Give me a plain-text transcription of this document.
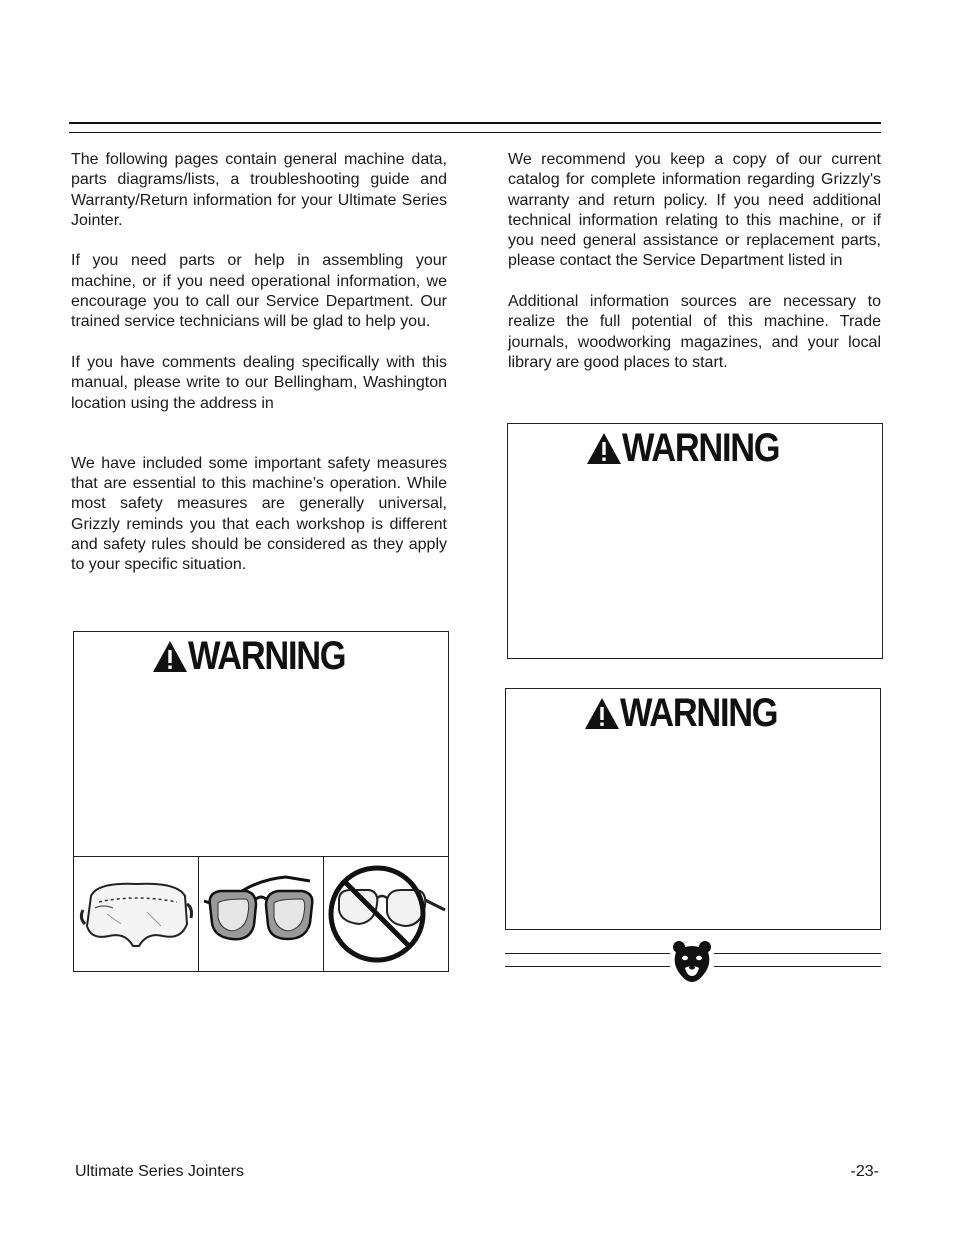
The following pages contain general machine data, parts diagrams/lists, a troubleshooting guide and Warranty/Return information for your Ultimate Series Jointer.

If you need parts or help in assembling your machine, or if you need operational information, we encourage you to call our Service Department. Our trained service technicians will be glad to help you.

If you have comments dealing specifically with this manual, please write to our Bellingham, Washington location using the address in

We have included some important safety measures that are essential to this machine’s operation. While most safety measures are generally universal, Grizzly reminds you that each workshop is different and safety rules should be considered as they apply to your specific situation.

We recommend you keep a copy of our current catalog for complete information regarding Grizzly's warranty and return policy. If you need additional technical information relating to this machine, or if you need general assistance or replacement parts, please contact the Service Department listed in

Additional information sources are necessary to realize the full potential of this machine. Trade journals, woodworking magazines, and your local library are good places to start.

WARNING
WARNING
WARNING
Ultimate Series Jointers	-23-
